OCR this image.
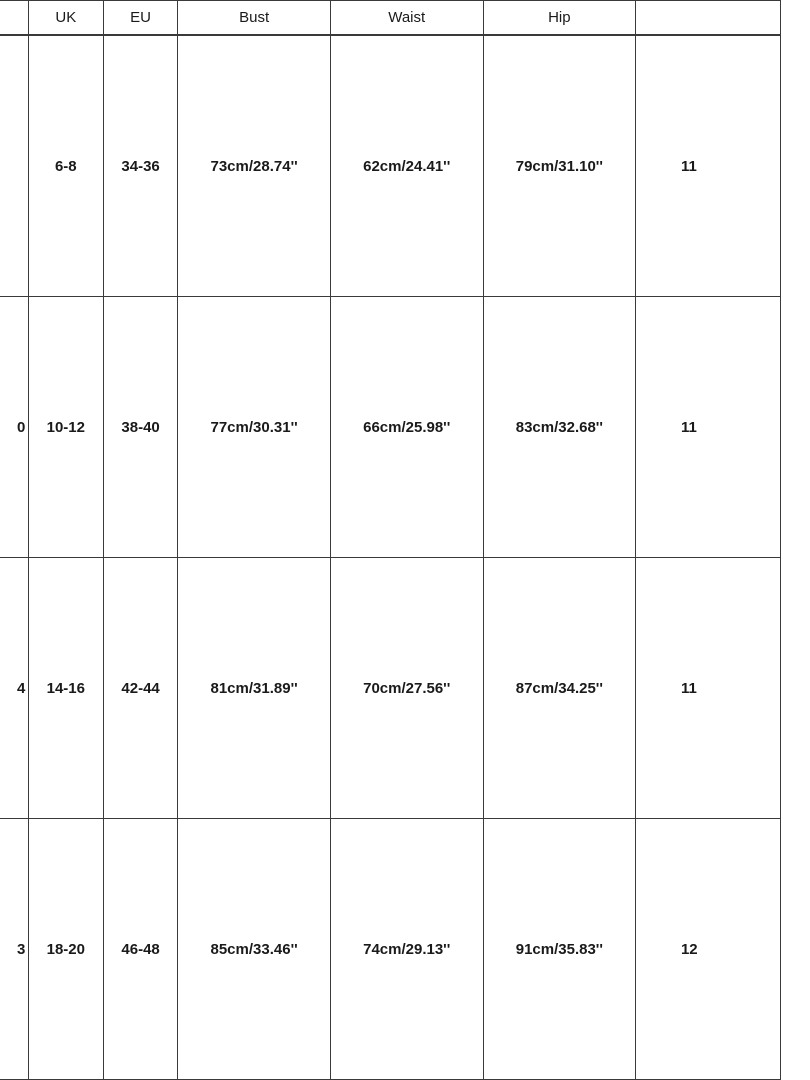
	UK	EU	Bust	Waist	Hip	
	6-8	34-36	73cm/28.74''	62cm/24.41''	79cm/31.10''	11
0	10-12	38-40	77cm/30.31''	66cm/25.98''	83cm/32.68''	11
4	14-16	42-44	81cm/31.89''	70cm/27.56''	87cm/34.25''	11
3	18-20	46-48	85cm/33.46''	74cm/29.13''	91cm/35.83''	12
